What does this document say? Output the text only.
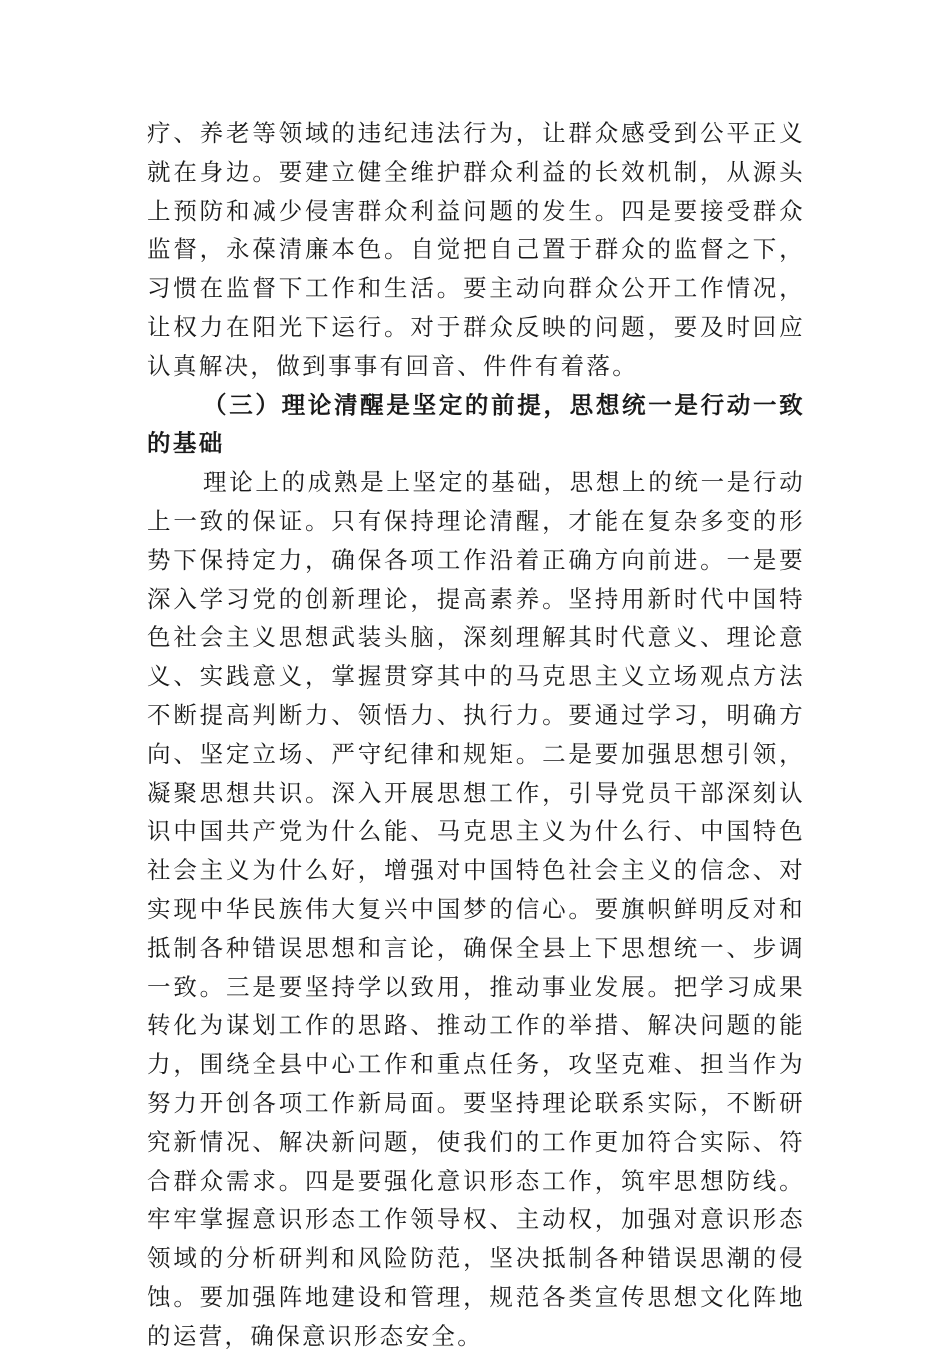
疗、养老等领域的违纪违法行为，让群众感受到公平正义
就在身边。要建立健全维护群众利益的长效机制，从源头
上预防和减少侵害群众利益问题的发生。四是要接受群众
监督，永葆清廉本色。自觉把自己置于群众的监督之下，
习惯在监督下工作和生活。要主动向群众公开工作情况，
让权力在阳光下运行。对于群众反映的问题，要及时回应
认真解决，做到事事有回音、件件有着落。
（三）理论清醒是坚定的前提，思想统一是行动一致
的基础
理论上的成熟是上坚定的基础，思想上的统一是行动
上一致的保证。只有保持理论清醒，才能在复杂多变的形
势下保持定力，确保各项工作沿着正确方向前进。一是要
深入学习党的创新理论，提高素养。坚持用新时代中国特
色社会主义思想武装头脑，深刻理解其时代意义、理论意
义、实践意义，掌握贯穿其中的马克思主义立场观点方法
不断提高判断力、领悟力、执行力。要通过学习，明确方
向、坚定立场、严守纪律和规矩。二是要加强思想引领，
凝聚思想共识。深入开展思想工作，引导党员干部深刻认
识中国共产党为什么能、马克思主义为什么行、中国特色
社会主义为什么好，增强对中国特色社会主义的信念、对
实现中华民族伟大复兴中国梦的信心。要旗帜鲜明反对和
抵制各种错误思想和言论，确保全县上下思想统一、步调
一致。三是要坚持学以致用，推动事业发展。把学习成果
转化为谋划工作的思路、推动工作的举措、解决问题的能
力，围绕全县中心工作和重点任务，攻坚克难、担当作为
努力开创各项工作新局面。要坚持理论联系实际，不断研
究新情况、解决新问题，使我们的工作更加符合实际、符
合群众需求。四是要强化意识形态工作，筑牢思想防线。
牢牢掌握意识形态工作领导权、主动权，加强对意识形态
领域的分析研判和风险防范，坚决抵制各种错误思潮的侵
蚀。要加强阵地建设和管理，规范各类宣传思想文化阵地
的运营，确保意识形态安全。
